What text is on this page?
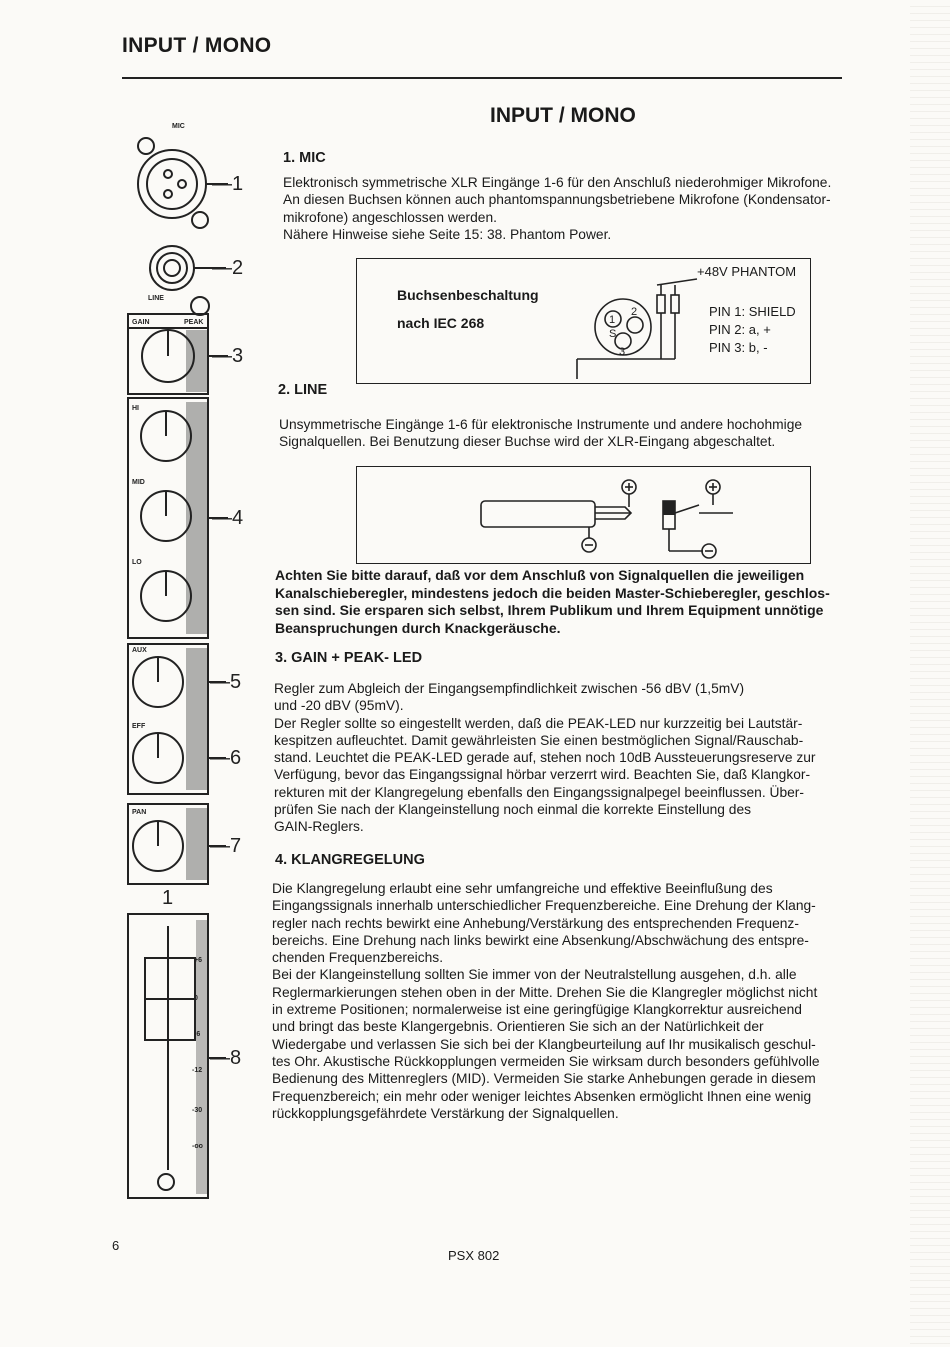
INPUT / MONO
INPUT / MONO
MIC
LINE
GAIN	PEAK
HI
MID
LO
AUX
EFF
PAN
+6
0
-6
-12
-30
-oo
1
—1
—2
—3
—4
—5
—6
—7
—8
1. MIC
Elektronisch symmetrische XLR Eingänge 1-6 für den Anschluß niederohmiger Mikrofone.
An diesen Buchsen können auch phantomspannungsbetriebene Mikrofone (Kondensator-
mikrofone) angeschlossen werden.
Nähere Hinweise siehe Seite 15: 38. Phantom Power.
Buchsenbeschaltung
nach IEC 268
+48V PHANTOM
PIN 1: SHIELD
PIN 2: a, +
PIN 3: b, -
1
2
3
S
2. LINE
Unsymmetrische Eingänge 1-6 für elektronische Instrumente und andere hochohmige
Signalquellen. Bei Benutzung dieser Buchse wird der XLR-Eingang abgeschaltet.
Achten Sie bitte darauf, daß vor dem Anschluß von Signalquellen die jeweiligen
Kanalschieberegler, mindestens jedoch die beiden Master-Schieberegler, geschlos-
sen sind. Sie ersparen sich selbst, Ihrem Publikum und Ihrem Equipment unnötige
Beanspruchungen durch Knackgeräusche.
3. GAIN + PEAK- LED
Regler zum Abgleich der Eingangsempfindlichkeit zwischen -56 dBV (1,5mV)
und -20 dBV (95mV).
Der Regler sollte so eingestellt werden, daß die PEAK-LED nur kurzzeitig bei Lautstär-
kespitzen aufleuchtet. Damit gewährleisten Sie einen bestmöglichen Signal/Rauschab-
stand. Leuchtet die PEAK-LED gerade auf, stehen noch 10dB Aussteuerungsreserve zur
Verfügung, bevor das Eingangssignal hörbar verzerrt wird. Beachten Sie, daß Klangkor-
rekturen mit der Klangregelung ebenfalls den Eingangssignalpegel beeinflussen. Über-
prüfen Sie nach der Klangeinstellung noch einmal die korrekte Einstellung des
GAIN-Reglers.
4. KLANGREGELUNG
Die Klangregelung erlaubt eine sehr umfangreiche und effektive Beeinflußung des
Eingangssignals innerhalb unterschiedlicher Frequenzbereiche. Eine Drehung der Klang-
regler nach rechts bewirkt eine Anhebung/Verstärkung des entsprechenden Frequenz-
bereichs. Eine Drehung nach links bewirkt eine Absenkung/Abschwächung des entspre-
chenden Frequenzbereichs.
Bei der Klangeinstellung sollten Sie immer von der Neutralstellung ausgehen, d.h. alle
Reglermarkierungen stehen oben in der Mitte. Drehen Sie die Klangregler möglichst nicht
in extreme Positionen; normalerweise ist eine geringfügige Klangkorrektur ausreichend
und bringt das beste Klangergebnis. Orientieren Sie sich an der Natürlichkeit der
Wiedergabe und verlassen Sie sich bei der Klangbeurteilung auf Ihr musikalisch geschul-
tes Ohr. Akustische Rückkopplungen vermeiden Sie wirksam durch besonders gefühlvolle
Bedienung des Mittenreglers (MID). Vermeiden Sie starke Anhebungen gerade in diesem
Frequenzbereich; ein mehr oder weniger leichtes Absenken ermöglicht Ihnen eine wenig
rückkopplungsgefährdete Verstärkung der Signalquellen.
6
PSX 802
